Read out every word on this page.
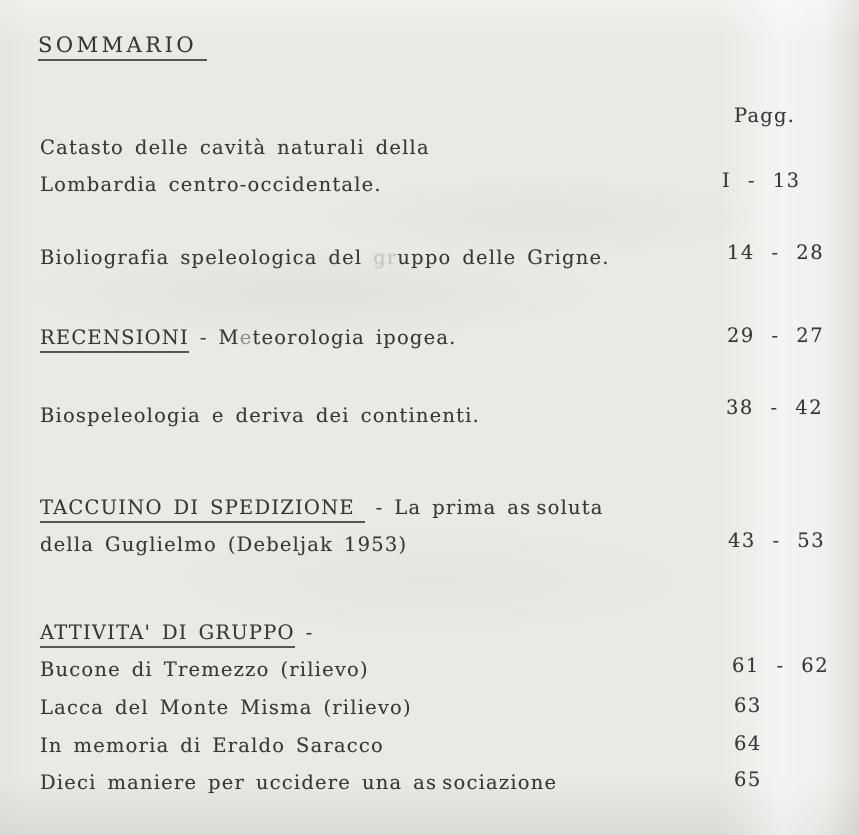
SOMMARIO
Pagg.
Catasto delle cavità naturali della
Lombardia centro-occidentale.	I - 13
Bioliografia speleologica del gruppo delle Grigne.	14 - 28
RECENSIONI - Meteorologia ipogea.	29 - 27
Biospeleologia e deriva dei continenti.	38 - 42
TACCUINO DI SPEDIZIONE - La prima as soluta
della Guglielmo (Debeljak 1953)	43 - 53
ATTIVITA' DI GRUPPO -
Bucone di Tremezzo (rilievo)	61 - 62
Lacca del Monte Misma (rilievo)	63
In memoria di Eraldo Saracco	64
Dieci maniere per uccidere una as sociazione	65
